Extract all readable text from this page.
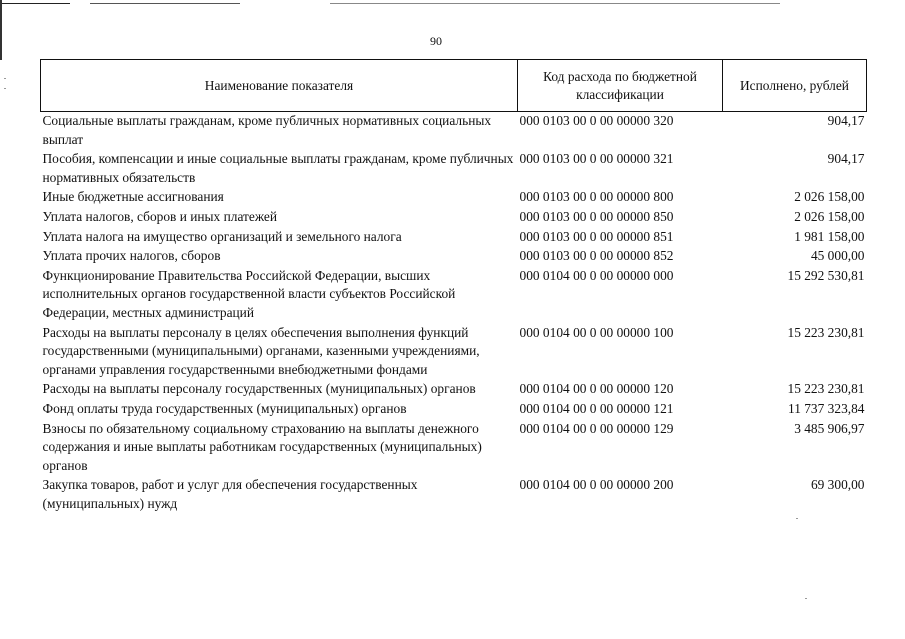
90
Наименование показателя	Код расхода по бюджетной классификации	Исполнено, рублей
Социальные выплаты гражданам, кроме публичных нормативных социальных выплат	000 0103 00 0 00 00000 320	904,17
Пособия, компенсации и иные социальные выплаты гражданам, кроме публичных нормативных обязательств	000 0103 00 0 00 00000 321	904,17
Иные бюджетные ассигнования	000 0103 00 0 00 00000 800	2 026 158,00
Уплата налогов, сборов и иных платежей	000 0103 00 0 00 00000 850	2 026 158,00
Уплата налога на имущество организаций и земельного налога	000 0103 00 0 00 00000 851	1 981 158,00
Уплата прочих налогов, сборов	000 0103 00 0 00 00000 852	45 000,00
Функционирование Правительства Российской Федерации, высших исполнительных органов государственной власти субъектов Российской Федерации, местных администраций	000 0104 00 0 00 00000 000	15 292 530,81
Расходы на выплаты персоналу в целях обеспечения выполнения функций государственными (муниципальными) органами, казенными учреждениями, органами управления государственными внебюджетными фондами	000 0104 00 0 00 00000 100	15 223 230,81
Расходы на выплаты персоналу государственных (муниципальных) органов	000 0104 00 0 00 00000 120	15 223 230,81
Фонд оплаты труда государственных (муниципальных) органов	000 0104 00 0 00 00000 121	11 737 323,84
Взносы по обязательному социальному страхованию на выплаты денежного содержания и иные выплаты работникам государственных (муниципальных) органов	000 0104 00 0 00 00000 129	3 485 906,97
Закупка товаров, работ и услуг для обеспечения государственных (муниципальных) нужд	000 0104 00 0 00 00000 200	69 300,00
